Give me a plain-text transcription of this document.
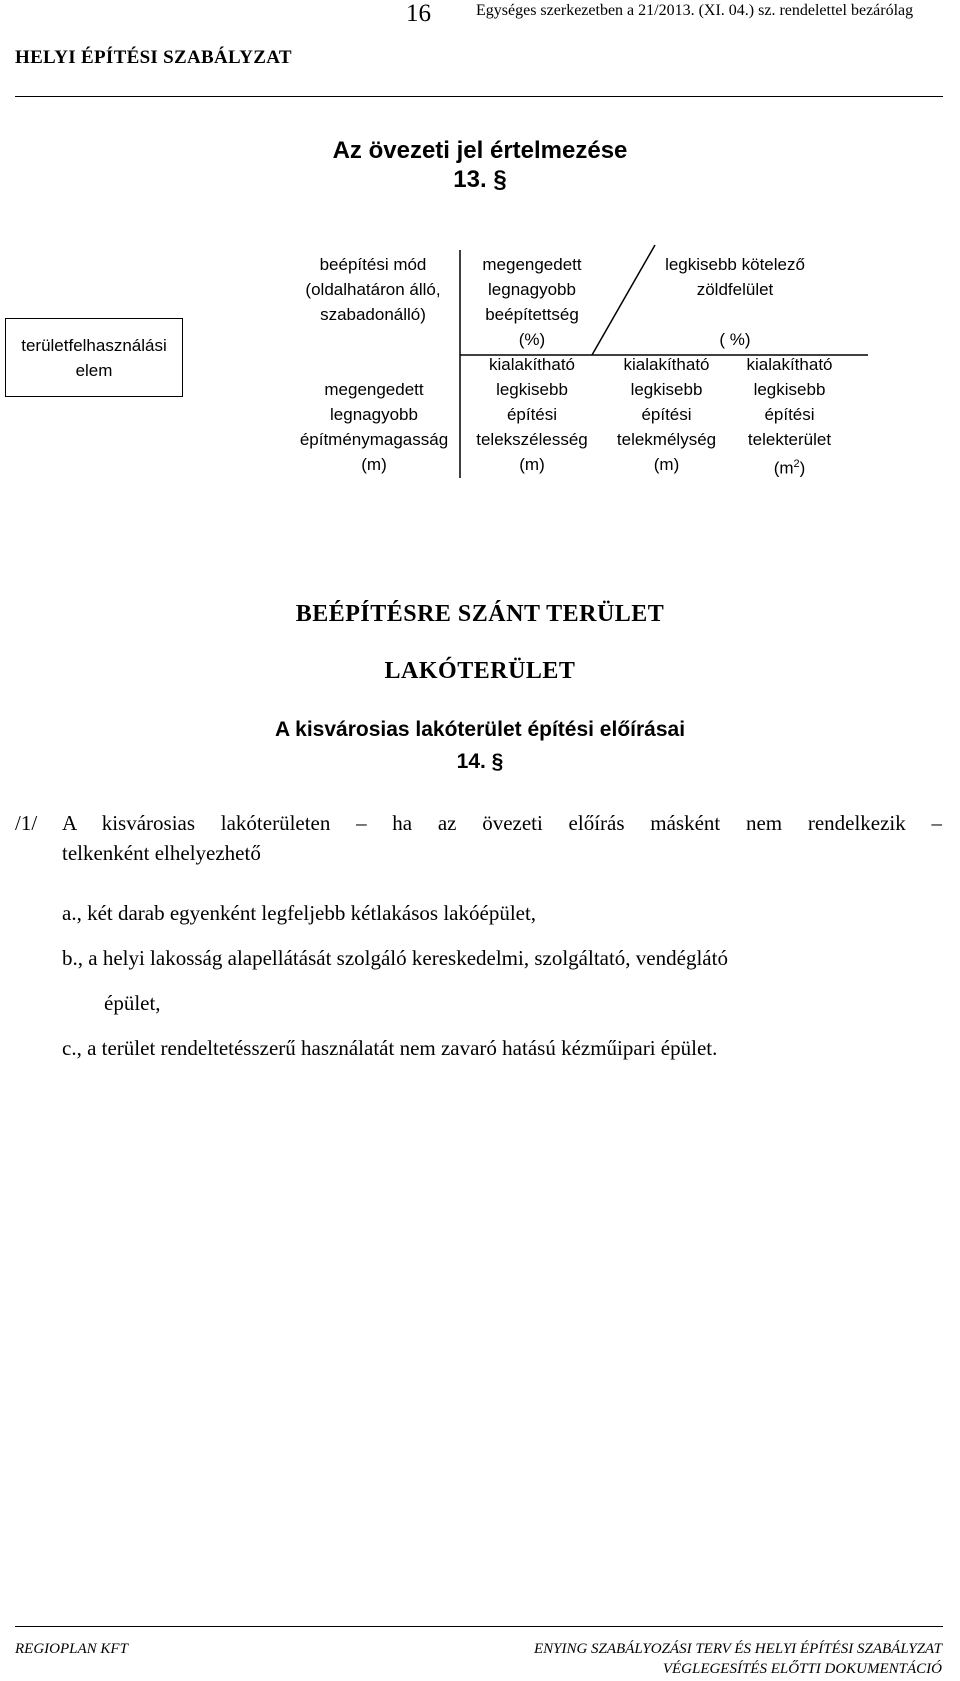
16	Egységes szerkezetben a 21/2013. (XI. 04.) sz. rendelettel bezárólag
HELYI ÉPÍTÉSI SZABÁLYZAT
Az övezeti jel értelmezése
13. §
területfelhasználási
elem
beépítési mód
(oldalhatáron álló,
szabadonálló)
megengedett
legnagyobb
beépítettség
(%)
legkisebb kötelező
zöldfelület
( %)
megengedett
legnagyobb
építménymagasság
(m)
kialakítható
legkisebb
építési
telekszélesség
(m)
kialakítható
legkisebb
építési
telekmélység
(m)
kialakítható
legkisebb
építési
telekterület
$(m^2)$
BEÉPÍTÉSRE SZÁNT TERÜLET
LAKÓTERÜLET
A kisvárosias lakóterület építési előírásai
14. §
/1/ A kisvárosias lakóterületen – ha az övezeti előírás másként nem rendelkezik –
telkenként elhelyezhető
a., két darab egyenként legfeljebb kétlakásos lakóépület,
b., a helyi lakosság alapellátását szolgáló kereskedelmi, szolgáltató, vendéglátó
épület,
c., a terület rendeltetésszerű használatát nem zavaró hatású kézműipari épület.
REGIOPLAN KFT	ENYING SZABÁLYOZÁSI TERV ÉS HELYI ÉPÍTÉSI SZABÁLYZAT
VÉGLEGESÍTÉS ELŐTTI DOKUMENTÁCIÓ
